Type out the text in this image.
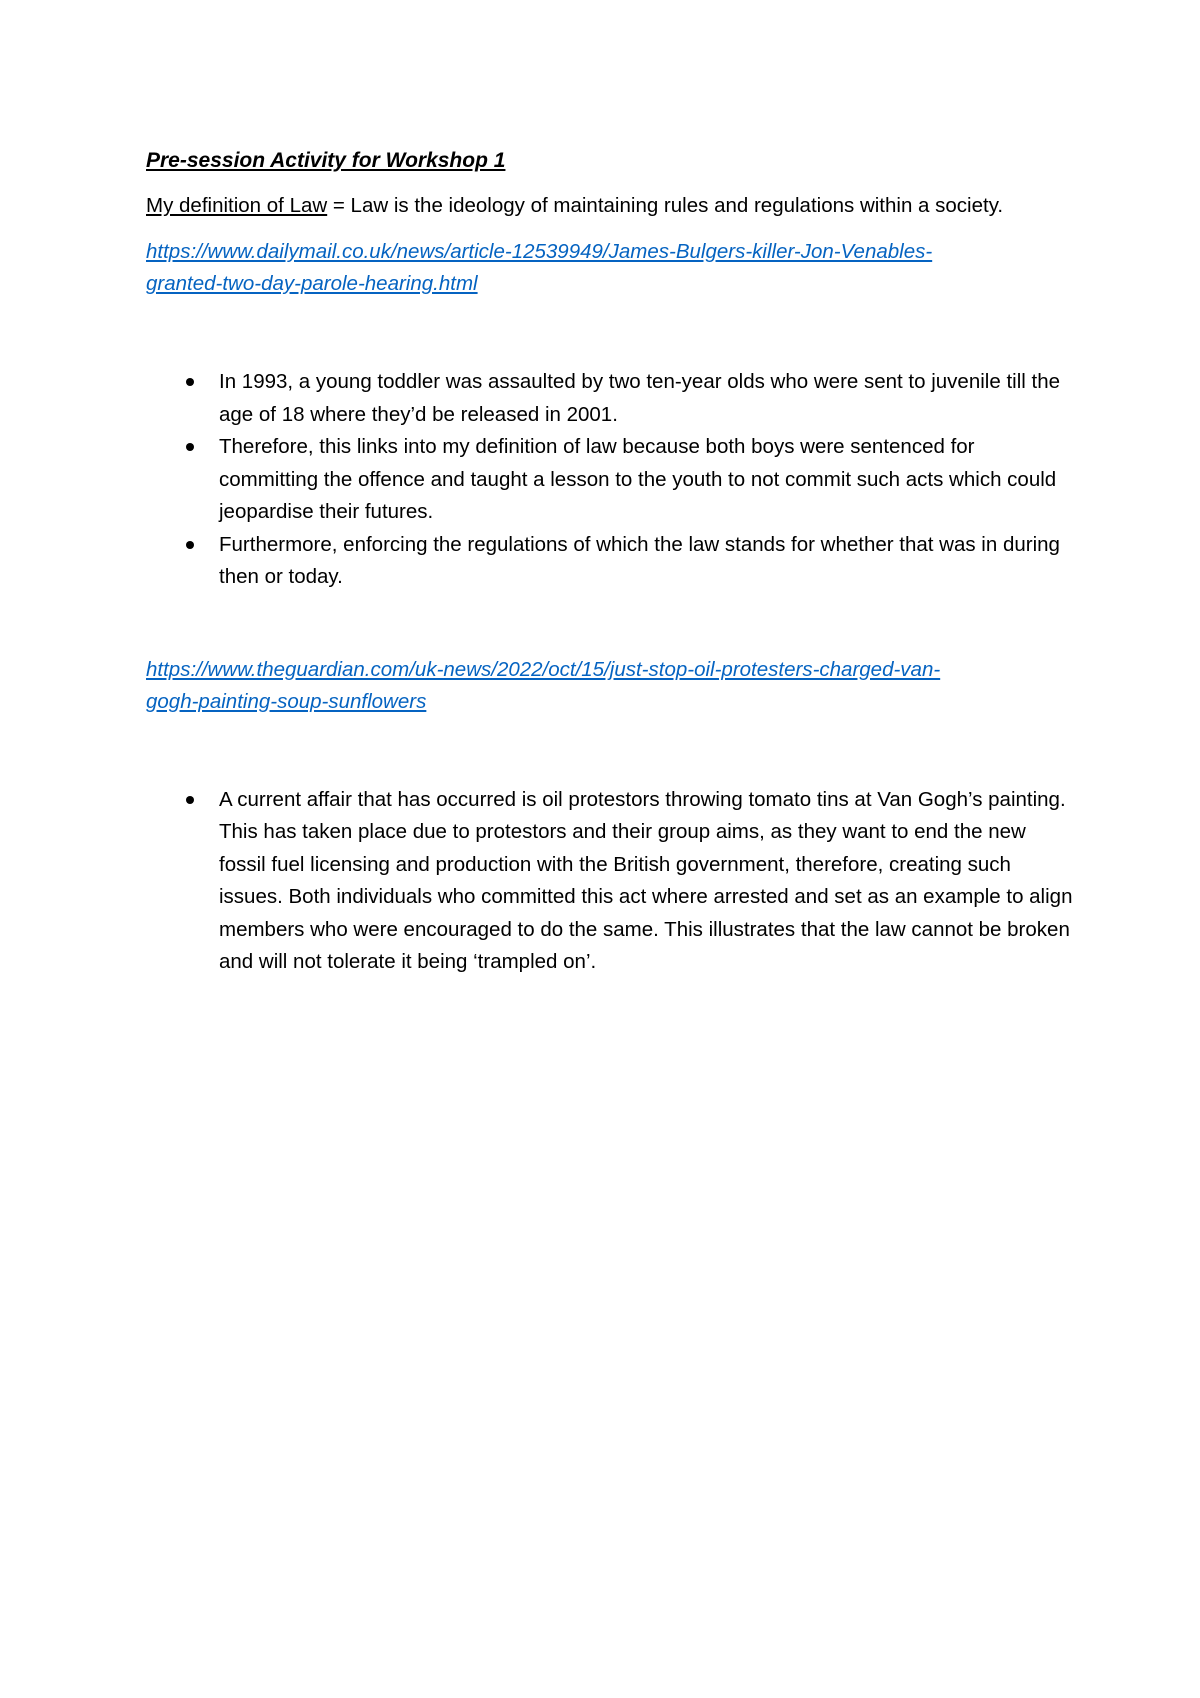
Pre-session Activity for Workshop 1

My definition of Law = Law is the ideology of maintaining rules and regulations within a society.

https://www.dailymail.co.uk/news/article-12539949/James-Bulgers-killer-Jon-Venables-
granted-two-day-parole-hearing.html
In 1993, a young toddler was assaulted by two ten-year olds who were sent to juvenile till the age of 18 where they’d be released in 2001.
Therefore, this links into my definition of law because both boys were sentenced for committing the offence and taught a lesson to the youth to not commit such acts which could jeopardise their futures.
Furthermore, enforcing the regulations of which the law stands for whether that was in during then or today.
https://www.theguardian.com/uk-news/2022/oct/15/just-stop-oil-protesters-charged-van-
gogh-painting-soup-sunflowers
A current affair that has occurred is oil protestors throwing tomato tins at Van Gogh’s painting. This has taken place due to protestors and their group aims, as they want to end the new fossil fuel licensing and production with the British government, therefore, creating such issues. Both individuals who committed this act where arrested and set as an example to align members who were encouraged to do the same. This illustrates that the law cannot be broken and will not tolerate it being ‘trampled on’.
